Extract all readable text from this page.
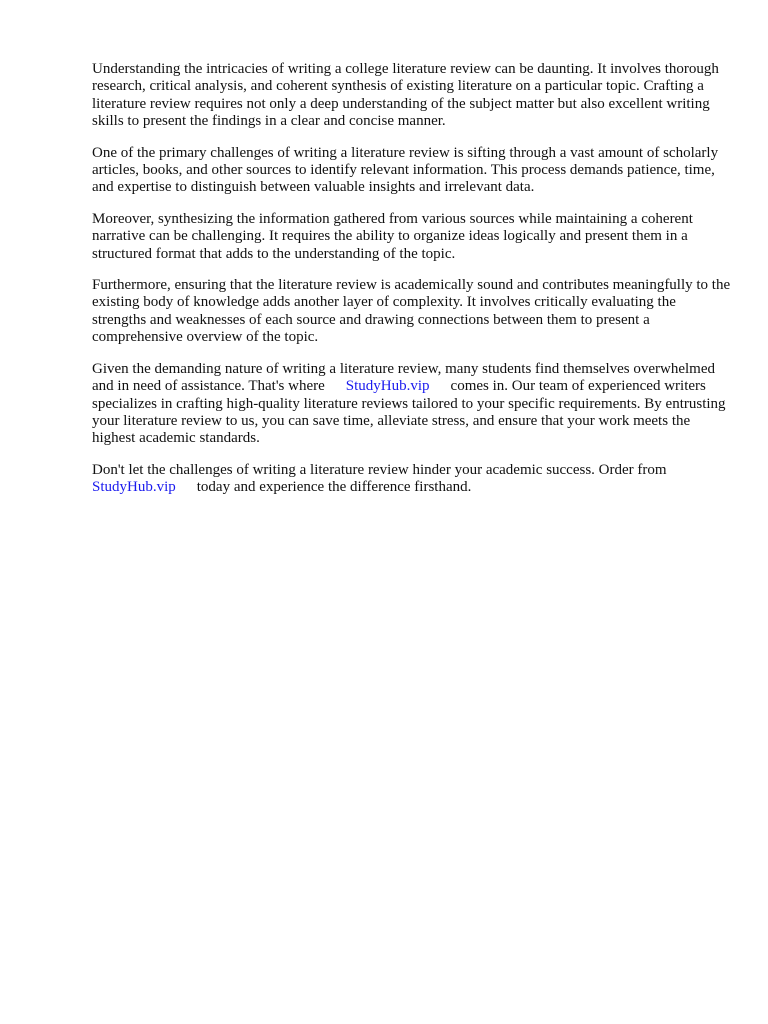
Understanding the intricacies of writing a college literature review can be daunting. It involves thorough research, critical analysis, and coherent synthesis of existing literature on a particular topic. Crafting a literature review requires not only a deep understanding of the subject matter but also excellent writing skills to present the findings in a clear and concise manner.

One of the primary challenges of writing a literature review is sifting through a vast amount of scholarly articles, books, and other sources to identify relevant information. This process demands patience, time, and expertise to distinguish between valuable insights and irrelevant data.

Moreover, synthesizing the information gathered from various sources while maintaining a coherent narrative can be challenging. It requires the ability to organize ideas logically and present them in a structured format that adds to the understanding of the topic.

Furthermore, ensuring that the literature review is academically sound and contributes meaningfully to the existing body of knowledge adds another layer of complexity. It involves critically evaluating the strengths and weaknesses of each source and drawing connections between them to present a comprehensive overview of the topic.

Given the demanding nature of writing a literature review, many students find themselves overwhelmed and in need of assistance. That's where StudyHub.vip comes in. Our team of experienced writers specializes in crafting high-quality literature reviews tailored to your specific requirements. By entrusting your literature review to us, you can save time, alleviate stress, and ensure that your work meets the highest academic standards.

Don't let the challenges of writing a literature review hinder your academic success. Order from StudyHub.vip today and experience the difference firsthand.
